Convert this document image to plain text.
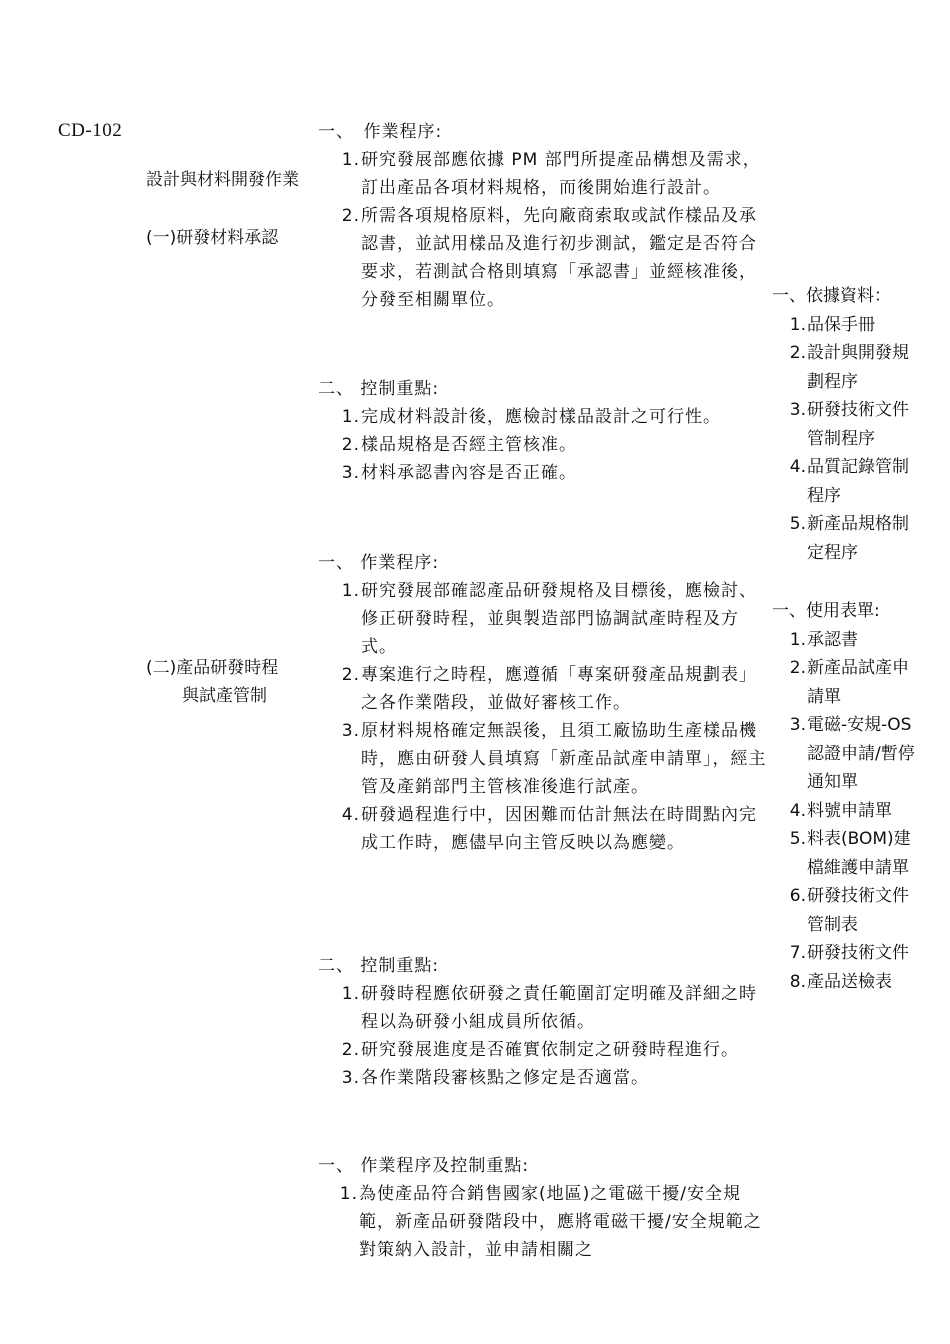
CD-102
設計與材料開發作業
(一)研發材料承認
(二)產品研發時程
與試產管制
一、　作業程序:
1. 研究發展部應依據 PM 部門所提產品構想及需求，訂出產品各項材料規格，而後開始進行設計。
2. 所需各項規格原料，先向廠商索取或試作樣品及承認書，並試用樣品及進行初步測試，鑑定是否符合要求，若測試合格則填寫「承認書」並經核准後，分發至相關單位。
二、 控制重點:
1. 完成材料設計後，應檢討樣品設計之可行性。
2. 樣品規格是否經主管核准。
3. 材料承認書內容是否正確。
一、 作業程序:
1. 研究發展部確認產品研發規格及目標後，應檢討、修正研發時程，並與製造部門協調試產時程及方式。
2. 專案進行之時程，應遵循「專案研發產品規劃表」之各作業階段，並做好審核工作。
3. 原材料規格確定無誤後，且須工廠協助生產樣品機時，應由研發人員填寫「新產品試產申請單」，經主管及產銷部門主管核准後進行試產。
4. 研發過程進行中，因困難而估計無法在時間點內完成工作時，應儘早向主管反映以為應變。
二、 控制重點:
1. 研發時程應依研發之責任範圍訂定明確及詳細之時程以為研發小組成員所依循。
2. 研究發展進度是否確實依制定之研發時程進行。
3. 各作業階段審核點之修定是否適當。
一、 作業程序及控制重點:
1. 為使產品符合銷售國家(地區)之電磁干擾/安全規範，新產品研發階段中，應將電磁干擾/安全規範之對策納入設計，並申請相關之
一、依據資料：
1. 品保手冊
2. 設計與開發規劃程序
3. 研發技術文件管制程序
4. 品質記錄管制程序
5. 新產品規格制定程序
一、使用表單:
1. 承認書
2. 新產品試產申請單
3. 電磁-安規-OS 認證申請/暫停通知單
4. 料號申請單
5. 料表(BOM)建檔維護申請單
6. 研發技術文件管制表
7. 研發技術文件
8. 產品送檢表
